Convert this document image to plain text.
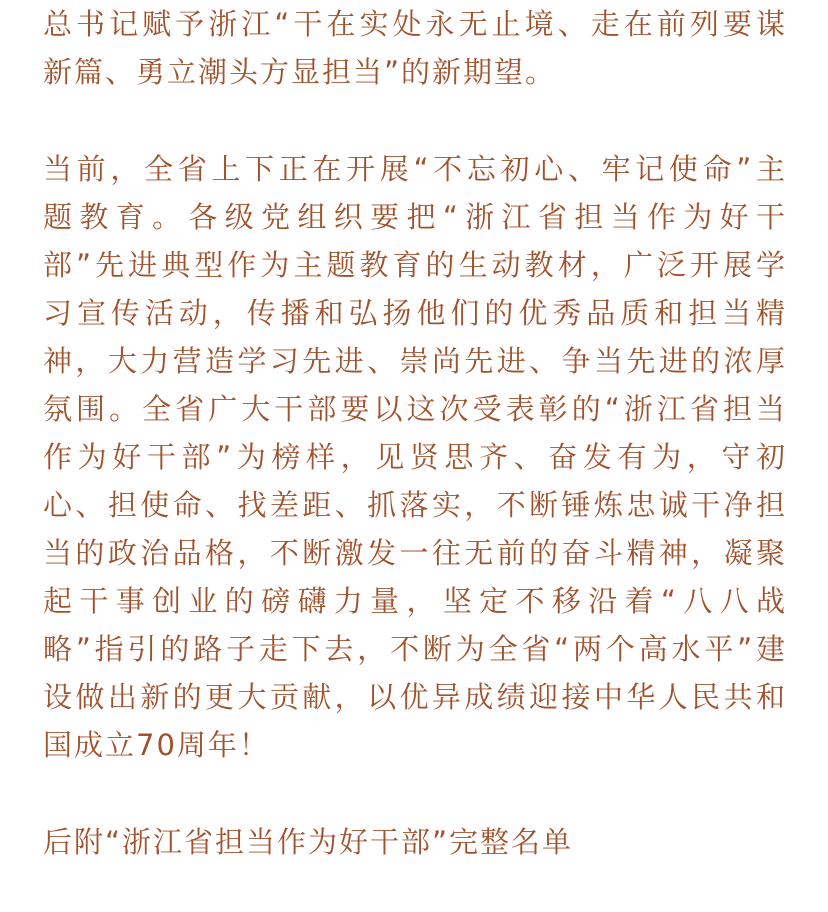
总书记赋予浙江“干在实处永无止境、走在前列要谋
新篇、勇立潮头方显担当”的新期望。
当前，全省上下正在开展“不忘初心、牢记使命”主
题教育。各级党组织要把“浙江省担当作为好干
部”先进典型作为主题教育的生动教材，广泛开展学
习宣传活动，传播和弘扬他们的优秀品质和担当精
神，大力营造学习先进、崇尚先进、争当先进的浓厚
氛围。全省广大干部要以这次受表彰的“浙江省担当
作为好干部”为榜样，见贤思齐、奋发有为，守初
心、担使命、找差距、抓落实，不断锤炼忠诚干净担
当的政治品格，不断激发一往无前的奋斗精神，凝聚
起干事创业的磅礴力量，坚定不移沿着“八八战
略”指引的路子走下去，不断为全省“两个高水平”建
设做出新的更大贡献，以优异成绩迎接中华人民共和
国成立70周年！
后附“浙江省担当作为好干部”完整名单
